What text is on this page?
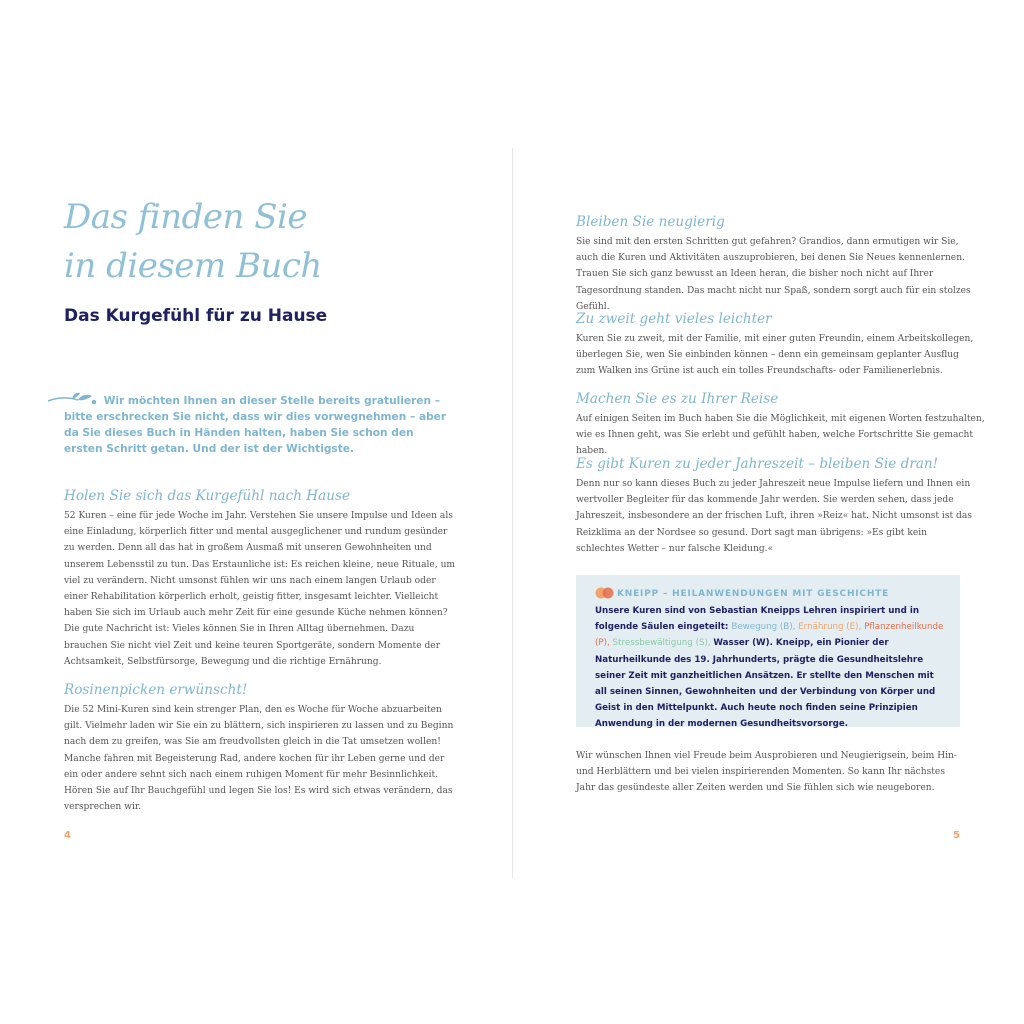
Das finden Sie
in diesem Buch
Das Kurgefühl für zu Hause

Wir möchten Ihnen an dieser Stelle bereits gratulieren – bitte erschrecken Sie nicht, dass wir dies vorwegnehmen – aber da Sie dieses Buch in Händen halten, haben Sie schon den ersten Schritt getan. Und der ist der Wichtigste.

Holen Sie sich das Kurgefühl nach Hause

52 Kuren – eine für jede Woche im Jahr. Verstehen Sie unsere Impulse und Ideen als eine Einladung, körperlich fitter und mental ausgeglichener und rundum gesünder zu werden. Denn all das hat in großem Ausmaß mit unseren Gewohnheiten und unserem Lebensstil zu tun. Das Erstaunliche ist: Es reichen kleine, neue Rituale, um viel zu verändern. Nicht umsonst fühlen wir uns nach einem langen Urlaub oder einer Rehabilitation körperlich erholt, geistig fitter, insgesamt leichter. Vielleicht haben Sie sich im Urlaub auch mehr Zeit für eine gesunde Küche nehmen können? Die gute Nachricht ist: Vieles können Sie in Ihren Alltag übernehmen. Dazu brauchen Sie nicht viel Zeit und keine teuren Sportgeräte, sondern Momente der Achtsamkeit, Selbstfürsorge, Bewegung und die richtige Ernährung.

Rosinenpicken erwünscht!

Die 52 Mini-Kuren sind kein strenger Plan, den es Woche für Woche abzuarbeiten gilt. Vielmehr laden wir Sie ein zu blättern, sich inspirieren zu lassen und zu Beginn nach dem zu greifen, was Sie am freudvollsten gleich in die Tat umsetzen wollen! Manche fahren mit Begeisterung Rad, andere kochen für ihr Leben gerne und der ein oder andere sehnt sich nach einem ruhigen Moment für mehr Besinnlichkeit. Hören Sie auf Ihr Bauchgefühl und legen Sie los! Es wird sich etwas verändern, das versprechen wir.

4
Bleiben Sie neugierig

Sie sind mit den ersten Schritten gut gefahren? Grandios, dann ermutigen wir Sie, auch die Kuren und Aktivitäten auszuprobieren, bei denen Sie Neues kennenlernen. Trauen Sie sich ganz bewusst an Ideen heran, die bisher noch nicht auf Ihrer Tagesordnung standen. Das macht nicht nur Spaß, sondern sorgt auch für ein stolzes Gefühl.

Zu zweit geht vieles leichter

Kuren Sie zu zweit, mit der Familie, mit einer guten Freundin, einem Arbeitskollegen, überlegen Sie, wen Sie einbinden können – denn ein gemeinsam geplanter Ausflug zum Walken ins Grüne ist auch ein tolles Freundschafts- oder Familienerlebnis.

Machen Sie es zu Ihrer Reise

Auf einigen Seiten im Buch haben Sie die Möglichkeit, mit eigenen Worten festzuhalten, wie es Ihnen geht, was Sie erlebt und gefühlt haben, welche Fortschritte Sie gemacht haben.

Es gibt Kuren zu jeder Jahreszeit – bleiben Sie dran!

Denn nur so kann dieses Buch zu jeder Jahreszeit neue Impulse liefern und Ihnen ein wertvoller Begleiter für das kommende Jahr werden. Sie werden sehen, dass jede Jahreszeit, insbesondere an der frischen Luft, ihren »Reiz« hat. Nicht umsonst ist das Reizklima an der Nordsee so gesund. Dort sagt man übrigens: »Es gibt kein schlechtes Wetter – nur falsche Kleidung.«

KNEIPP – HEILANWENDUNGEN MIT GESCHICHTE

Unsere Kuren sind von Sebastian Kneipps Lehren inspiriert und in folgende Säulen eingeteilt: Bewegung (B), Ernährung (E), Pflanzenheilkunde (P), Stressbewältigung (S), Wasser (W). Kneipp, ein Pionier der Naturheilkunde des 19. Jahrhunderts, prägte die Gesundheitslehre seiner Zeit mit ganzheitlichen Ansätzen. Er stellte den Menschen mit all seinen Sinnen, Gewohnheiten und der Verbindung von Körper und Geist in den Mittelpunkt. Auch heute noch finden seine Prinzipien Anwendung in der modernen Gesundheitsvorsorge.

Wir wünschen Ihnen viel Freude beim Ausprobieren und Neugierigsein, beim Hin- und Herblättern und bei vielen inspirierenden Momenten. So kann Ihr nächstes Jahr das gesündeste aller Zeiten werden und Sie fühlen sich wie neugeboren.

5
